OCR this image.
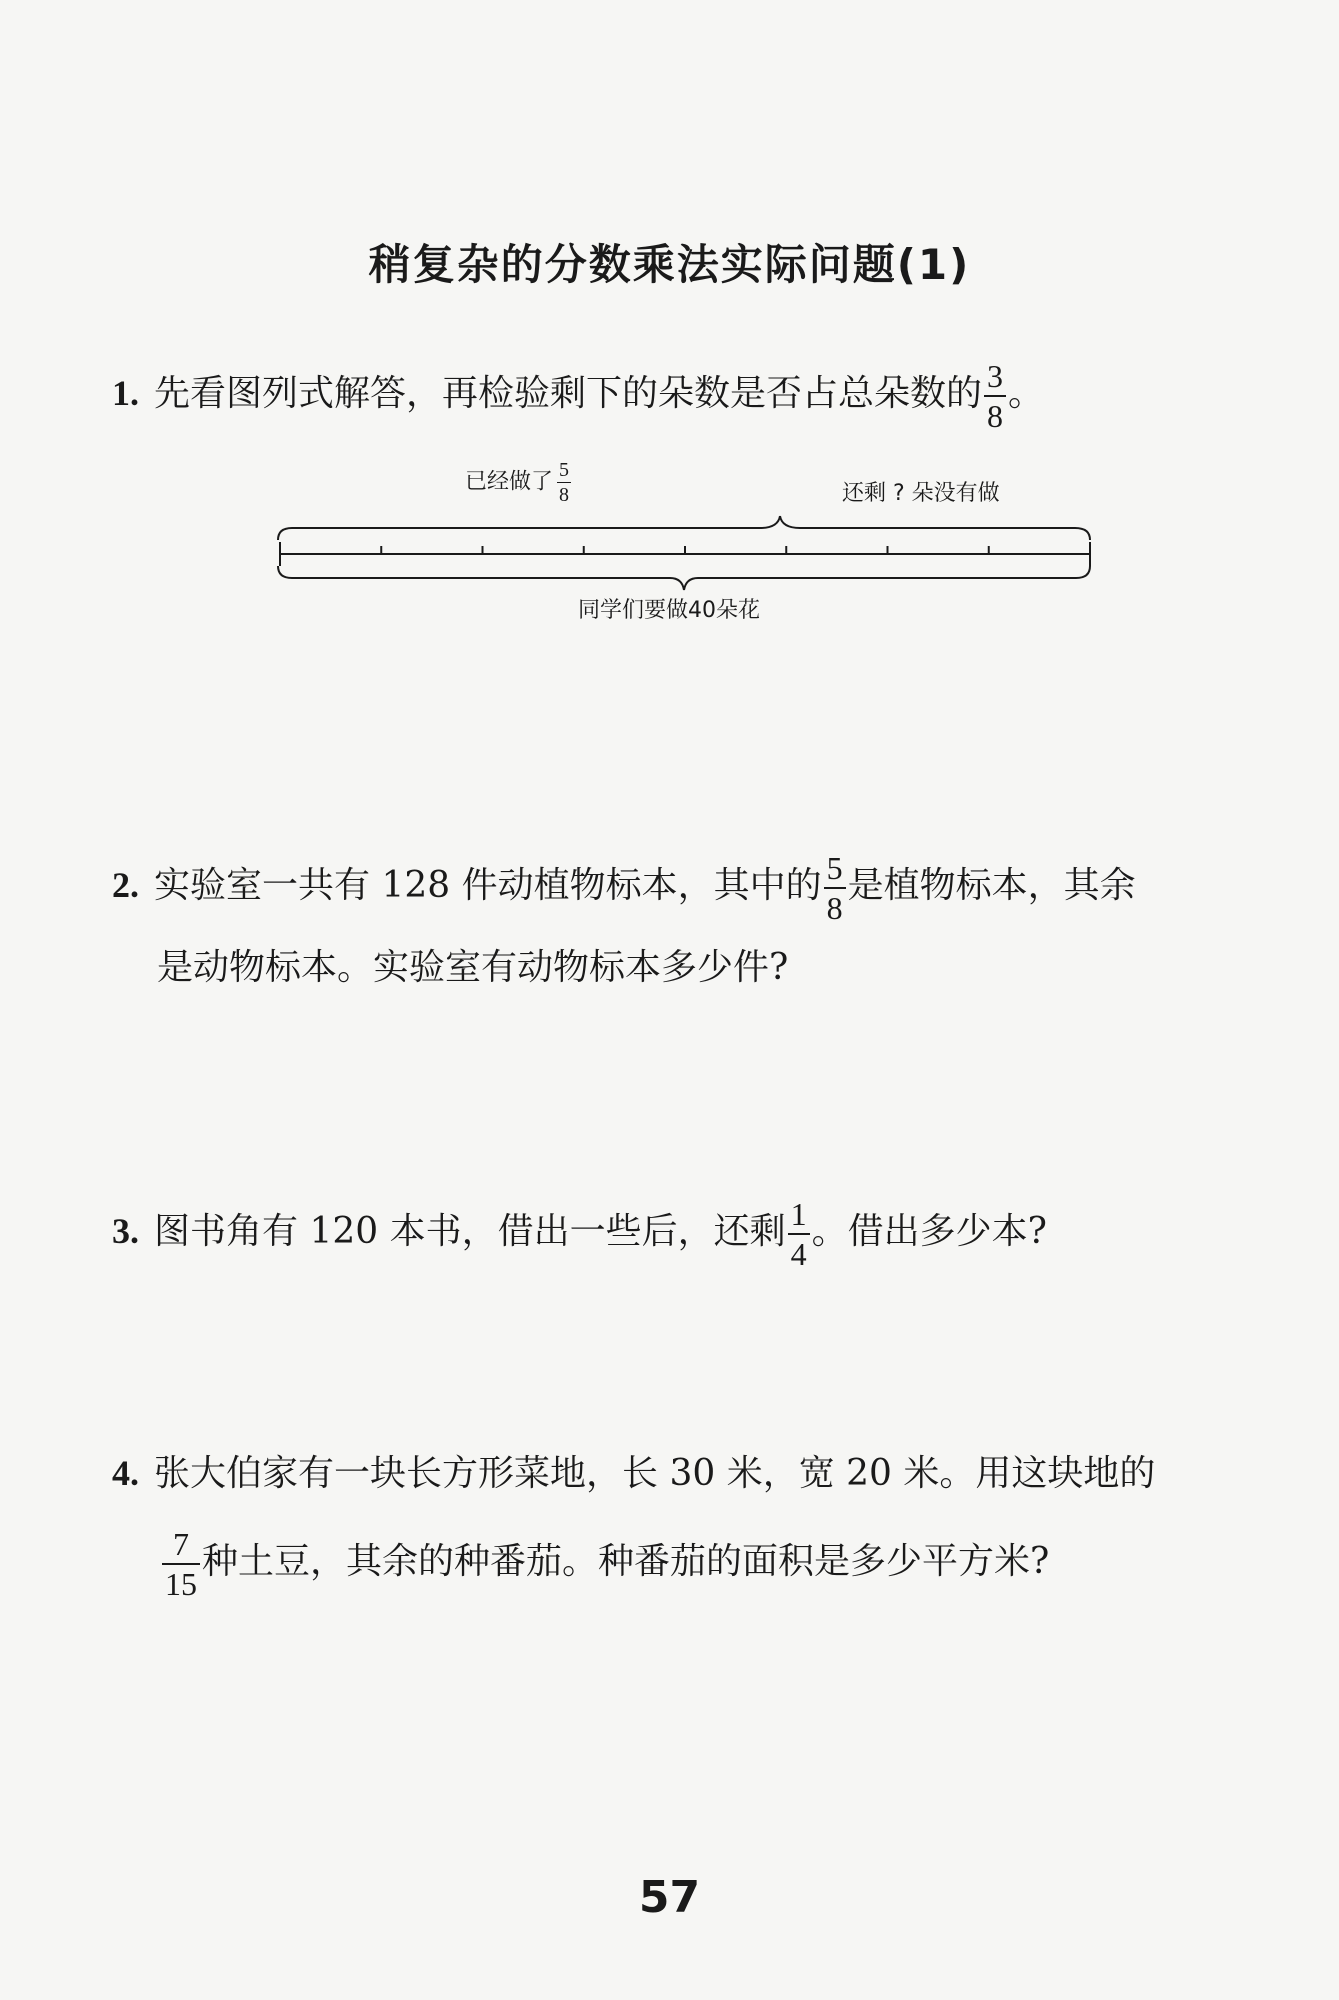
稍复杂的分数乘法实际问题(1)
1. 先看图列式解答，再检验剩下的朵数是否占总朵数的 $\frac{3}{8}$ 。
已经做了 $\frac{5}{8}$	还剩 ? 朵没有做
同学们要做40朵花
2. 实验室一共有 128 件动植物标本，其中的 $\frac{5}{8}$ 是植物标本，其余
是动物标本。实验室有动物标本多少件?
3. 图书角有 120 本书，借出一些后，还剩 $\frac{1}{4}$ 。借出多少本?
4. 张大伯家有一块长方形菜地，长 30 米，宽 20 米。用这块地的
$\frac{7}{15}$ 种土豆，其余的种番茄。种番茄的面积是多少平方米?
57
